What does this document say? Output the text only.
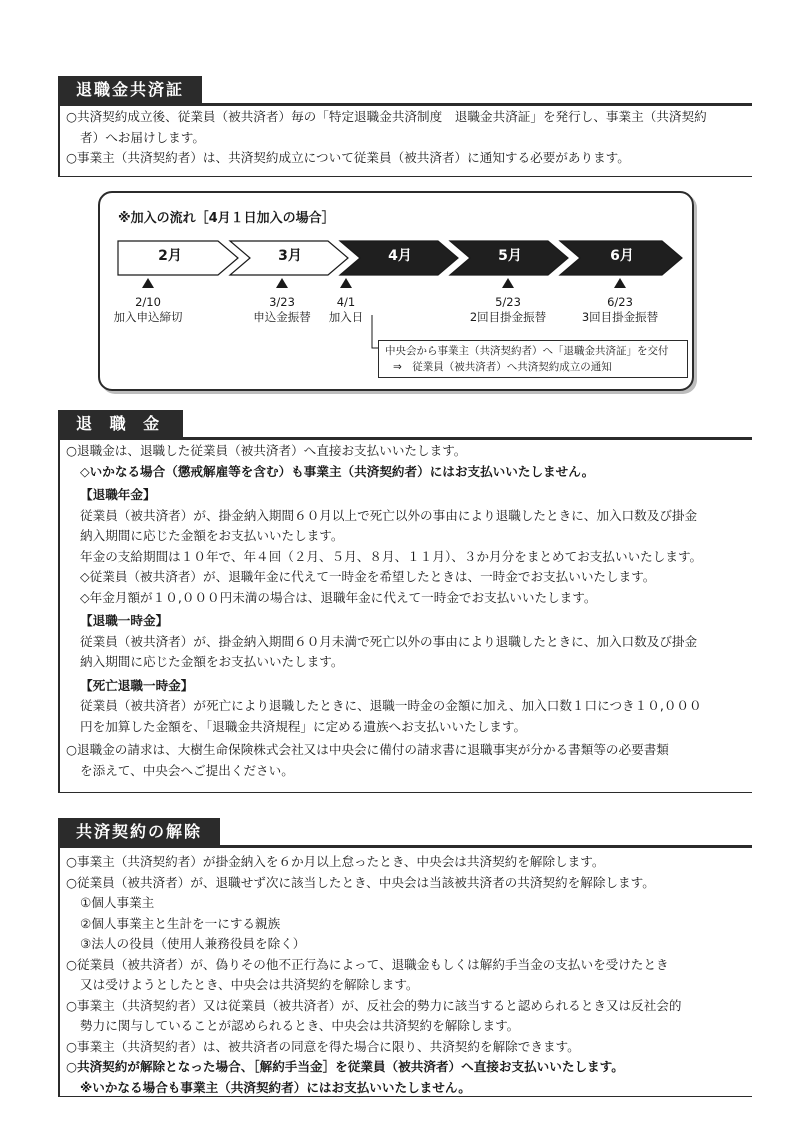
退職金共済証

○共済契約成立後、従業員（被共済者）毎の「特定退職金共済制度　退職金共済証」を発行し、事業主（共済契約

者）へお届けします。

○事業主（共済契約者）は、共済契約成立について従業員（被共済者）に通知する必要があります。

※加入の流れ［4月１日加入の場合］
2月	3月	4月	5月	6月
2/10
加入申込締切
3/23
申込金振替
4/1
加入日
5/23
2回目掛金振替
6/23
3回目掛金振替
中央会から事業主（共済契約者）へ「退職金共済証」を交付
⇒　従業員（被共済者）へ共済契約成立の通知
退 職 金

○退職金は、退職した従業員（被共済者）へ直接お支払いいたします。

◇いかなる場合（懲戒解雇等を含む）も事業主（共済契約者）にはお支払いいたしません。

【退職年金】

従業員（被共済者）が、掛金納入期間６０月以上で死亡以外の事由により退職したときに、加入口数及び掛金

納入期間に応じた金額をお支払いいたします。

年金の支給期間は１０年で、年４回（２月、５月、８月、１１月）、３か月分をまとめてお支払いいたします。

◇従業員（被共済者）が、退職年金に代えて一時金を希望したときは、一時金でお支払いいたします。

◇年金月額が１０,０００円未満の場合は、退職年金に代えて一時金でお支払いいたします。

【退職一時金】

従業員（被共済者）が、掛金納入期間６０月未満で死亡以外の事由により退職したときに、加入口数及び掛金

納入期間に応じた金額をお支払いいたします。

【死亡退職一時金】

従業員（被共済者）が死亡により退職したときに、退職一時金の金額に加え、加入口数１口につき１０,０００

円を加算した金額を、「退職金共済規程」に定める遺族へお支払いいたします。

○退職金の請求は、大樹生命保険株式会社又は中央会に備付の請求書に退職事実が分かる書類等の必要書類

を添えて、中央会へご提出ください。

共済契約の解除

○事業主（共済契約者）が掛金納入を６か月以上怠ったとき、中央会は共済契約を解除します。

○従業員（被共済者）が、退職せず次に該当したとき、中央会は当該被共済者の共済契約を解除します。

①個人事業主

②個人事業主と生計を一にする親族

③法人の役員（使用人兼務役員を除く）

○従業員（被共済者）が、偽りその他不正行為によって、退職金もしくは解約手当金の支払いを受けたとき

又は受けようとしたとき、中央会は共済契約を解除します。

○事業主（共済契約者）又は従業員（被共済者）が、反社会的勢力に該当すると認められるとき又は反社会的

勢力に関与していることが認められるとき、中央会は共済契約を解除します。

○事業主（共済契約者）は、被共済者の同意を得た場合に限り、共済契約を解除できます。

○共済契約が解除となった場合、［解約手当金］を従業員（被共済者）へ直接お支払いいたします。

※いかなる場合も事業主（共済契約者）にはお支払いいたしません。
